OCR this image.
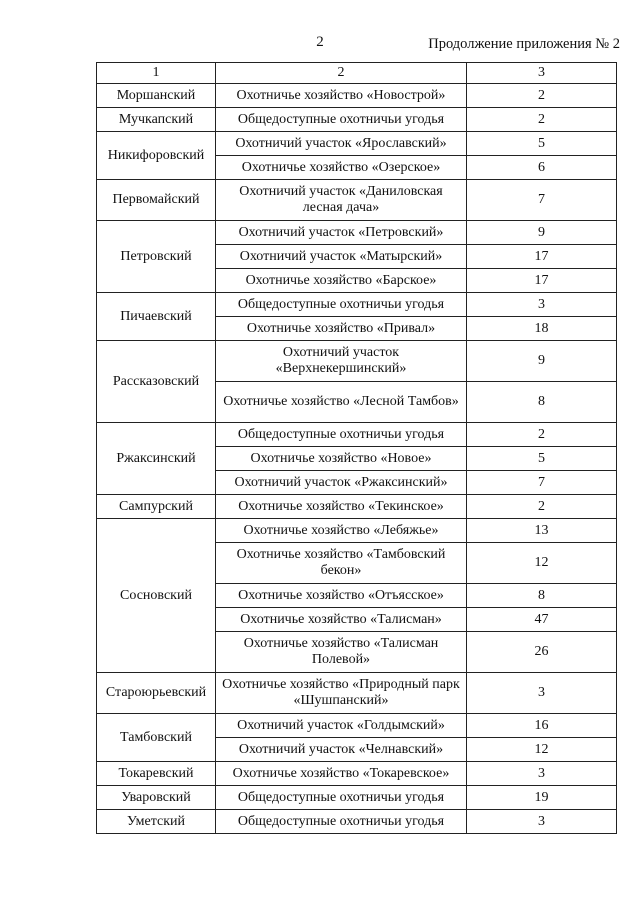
2	Продолжение приложения № 2
1	2	3
Моршанский	Охотничье хозяйство «Новострой»	2
Мучкапский	Общедоступные охотничьи угодья	2
Никифоровский	Охотничий участок «Ярославский»	5
	Охотничье хозяйство «Озерское»	6
Первомайский	Охотничий участок «Даниловская лесная дача»	7
Петровский	Охотничий участок «Петровский»	9
	Охотничий участок «Матырский»	17
	Охотничье хозяйство «Барское»	17
Пичаевский	Общедоступные охотничьи угодья	3
	Охотничье хозяйство «Привал»	18
Рассказовский	Охотничий участок «Верхнекершинский»	9
	Охотничье хозяйство «Лесной Тамбов»	8
Ржаксинский	Общедоступные охотничьи угодья	2
	Охотничье хозяйство «Новое»	5
	Охотничий участок «Ржаксинский»	7
Сампурский	Охотничье хозяйство «Текинское»	2
Сосновский	Охотничье хозяйство «Лебяжье»	13
	Охотничье хозяйство «Тамбовский бекон»	12
	Охотничье хозяйство «Отъясское»	8
	Охотничье хозяйство «Талисман»	47
	Охотничье хозяйство «Талисман Полевой»	26
Староюрьевский	Охотничье хозяйство «Природный парк «Шушпанский»	3
Тамбовский	Охотничий участок «Голдымский»	16
	Охотничий участок «Челнавский»	12
Токаревский	Охотничье хозяйство «Токаревское»	3
Уваровский	Общедоступные охотничьи угодья	19
Уметский	Общедоступные охотничьи угодья	3
